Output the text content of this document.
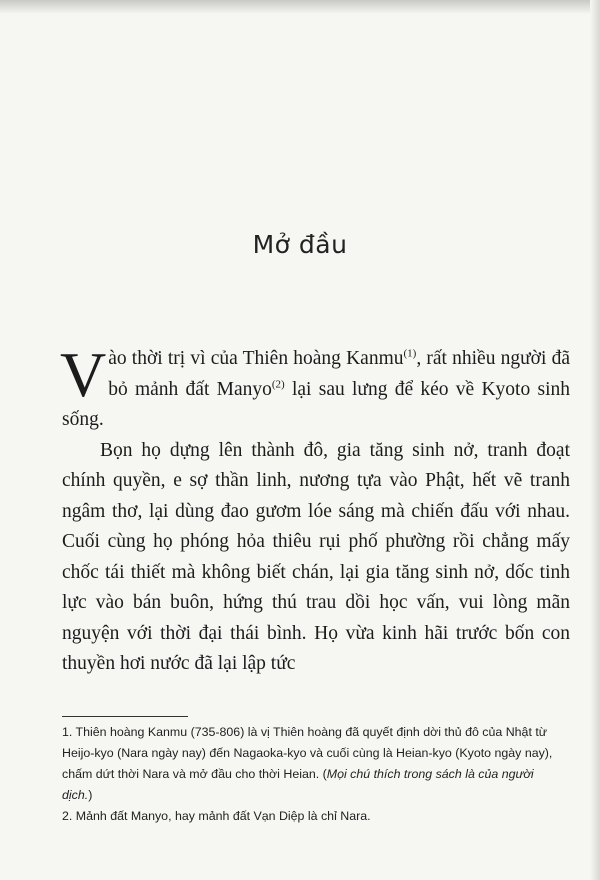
Mở đầu

Vào thời trị vì của Thiên hoàng Kanmu$^{(1)}$, rất nhiều người đã bỏ mảnh đất Manyo$^{(2)}$ lại sau lưng để kéo về Kyoto sinh sống.

Bọn họ dựng lên thành đô, gia tăng sinh nở, tranh đoạt chính quyền, e sợ thần linh, nương tựa vào Phật, hết vẽ tranh ngâm thơ, lại dùng đao gươm lóe sáng mà chiến đấu với nhau. Cuối cùng họ phóng hỏa thiêu rụi phố phường rồi chẳng mấy chốc tái thiết mà không biết chán, lại gia tăng sinh nở, dốc tinh lực vào bán buôn, hứng thú trau dồi học vấn, vui lòng mãn nguyện với thời đại thái bình. Họ vừa kinh hãi trước bốn con thuyền hơi nước đã lại lập tức

1. Thiên hoàng Kanmu (735-806) là vị Thiên hoàng đã quyết định dời thủ đô của Nhật từ Heijo-kyo (Nara ngày nay) đến Nagaoka-kyo và cuối cùng là Heian-kyo (Kyoto ngày nay), chấm dứt thời Nara và mở đầu cho thời Heian. (Mọi chú thích trong sách là của người dịch.)

2. Mảnh đất Manyo, hay mảnh đất Vạn Diệp là chỉ Nara.
